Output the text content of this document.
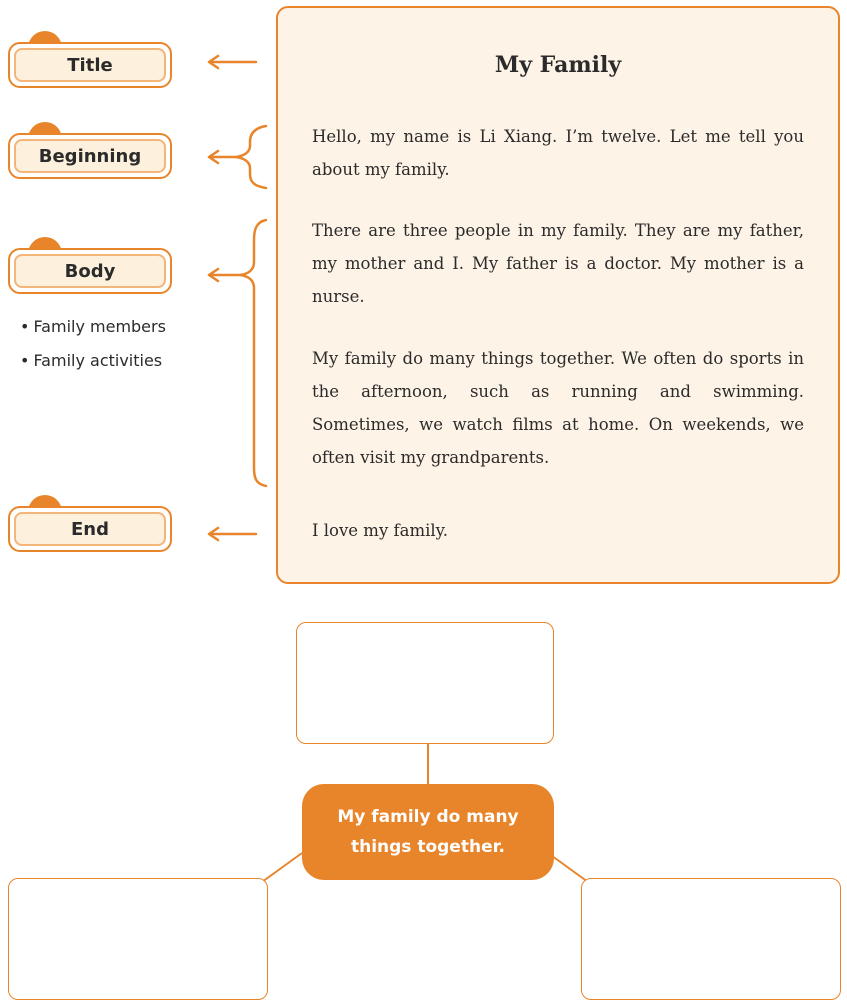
Title
Beginning
Body
• Family members
• Family activities
End
My Family

Hello, my name is Li Xiang. I’m twelve. Let me tell you about my family.

There are three people in my family. They are my father, my mother and I. My father is a doctor. My mother is a nurse.

My family do many things together. We often do sports in the afternoon, such as running and swimming. Sometimes, we watch films at home. On weekends, we often visit my grandparents.

I love my family.

My family do many
things together.
